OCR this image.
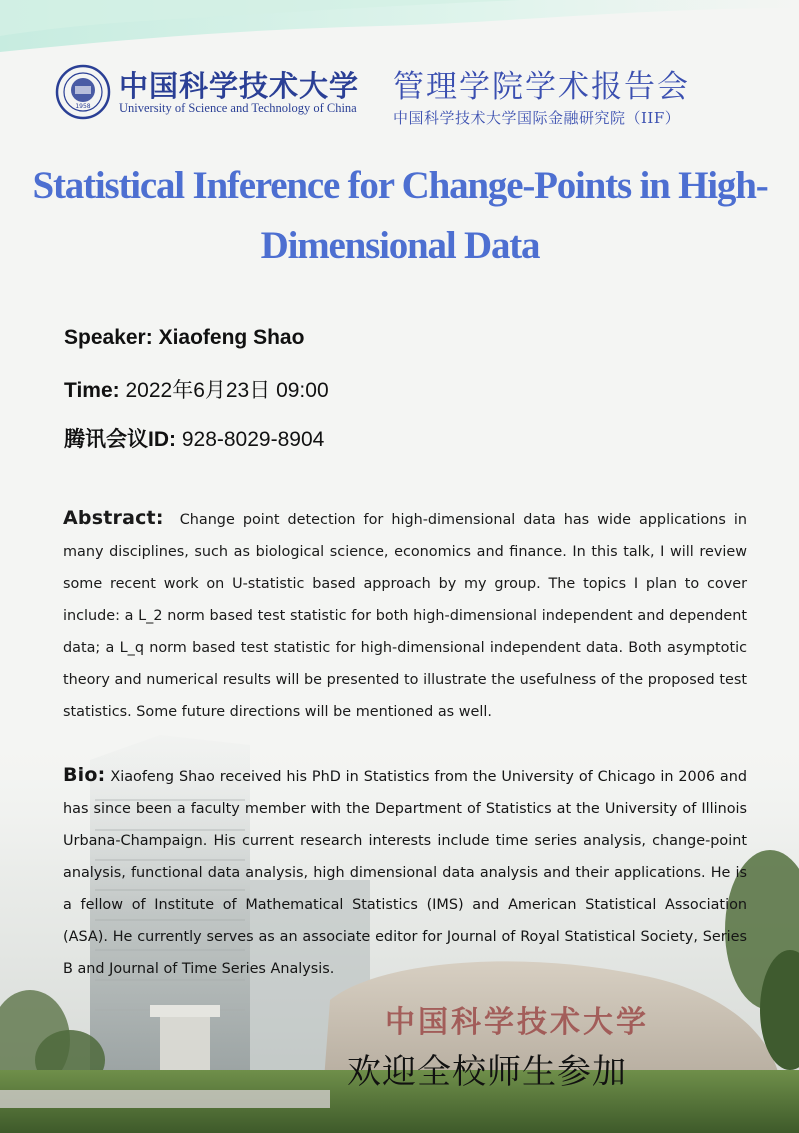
1958
中国科学技术大学
University of Science and Technology of China
管理学院学术报告会
中国科学技术大学国际金融研究院（IIF）
Statistical Inference for Change-Points in High-Dimensional Data
Speaker: Xiaofeng Shao
Time: 2022年6月23日 09:00
腾讯会议ID: 928-8029-8904
Abstract: Change point detection for high-dimensional data has wide applications in many disciplines, such as biological science, economics and finance. In this talk, I will review some recent work on U-statistic based approach by my group. The topics I plan to cover include: a L_2 norm based test statistic for both high-dimensional independent and dependent data; a L_q norm based test statistic for high-dimensional independent data. Both asymptotic theory and numerical results will be presented to illustrate the usefulness of the proposed test statistics. Some future directions will be mentioned as well.
Bio: Xiaofeng Shao received his PhD in Statistics from the University of Chicago in 2006 and has since been a faculty member with the Department of Statistics at the University of Illinois Urbana-Champaign. His current research interests include time series analysis, change-point analysis, functional data analysis, high dimensional data analysis and their applications. He is a fellow of Institute of Mathematical Statistics (IMS) and American Statistical Association (ASA). He currently serves as an associate editor for Journal of Royal Statistical Society, Series B and Journal of Time Series Analysis.
中国科学技术大学
欢迎全校师生参加
